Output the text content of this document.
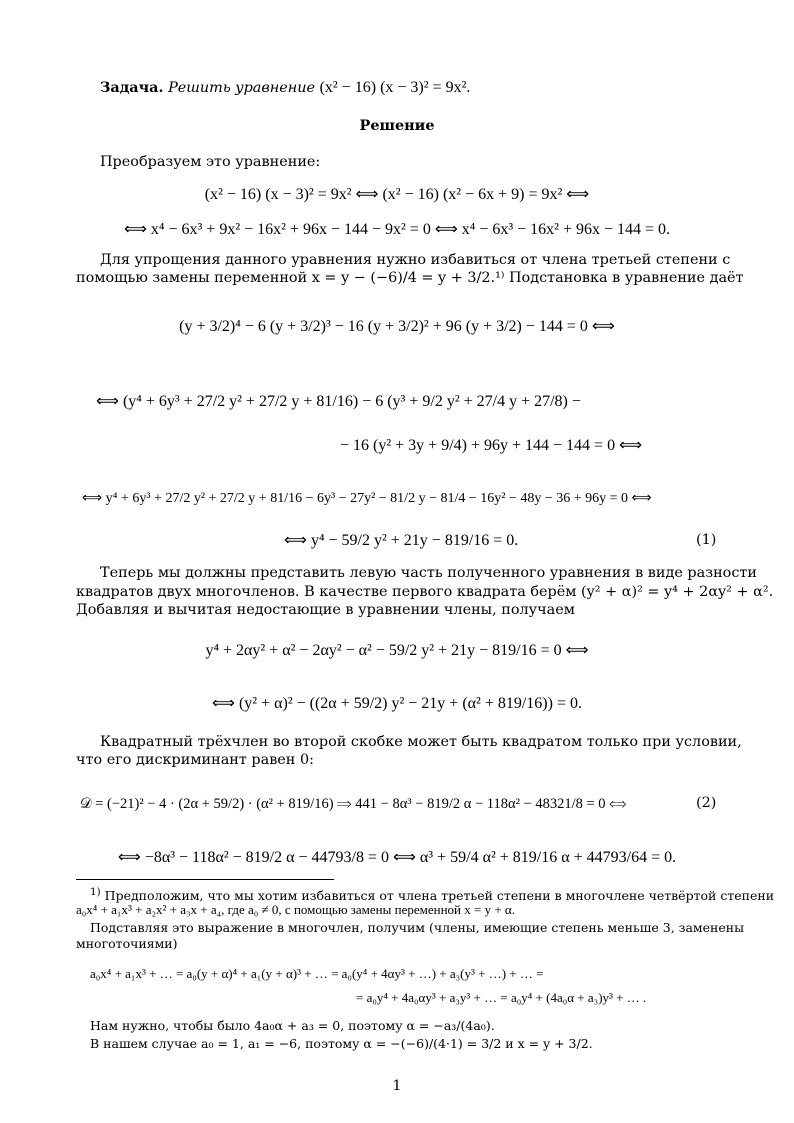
Задача. Решить уравнение (x² − 16) (x − 3)² = 9x².
Решение
Преобразуем это уравнение:
(x² − 16) (x − 3)² = 9x² ⟺ (x² − 16) (x² − 6x + 9) = 9x² ⟺
⟺ x⁴ − 6x³ + 9x² − 16x² + 96x − 144 − 9x² = 0 ⟺ x⁴ − 6x³ − 16x² + 96x − 144 = 0.
Для упрощения данного уравнения нужно избавиться от члена третьей степени с
помощью замены переменной x = y − (−6)/4 = y + 3/2.¹⁾ Подстановка в уравнение даёт
(y + 3/2)⁴ − 6 (y + 3/2)³ − 16 (y + 3/2)² + 96 (y + 3/2) − 144 = 0 ⟺
⟺ (y⁴ + 6y³ + 27/2 y² + 27/2 y + 81/16) − 6 (y³ + 9/2 y² + 27/4 y + 27/8) −
− 16 (y² + 3y + 9/4) + 96y + 144 − 144 = 0 ⟺
⟺ y⁴ + 6y³ + 27/2 y² + 27/2 y + 81/16 − 6y³ − 27y² − 81/2 y − 81/4 − 16y² − 48y − 36 + 96y = 0 ⟺
⟺ y⁴ − 59/2 y² + 21y − 819/16 = 0.	(1)
Теперь мы должны представить левую часть полученного уравнения в виде разности
квадратов двух многочленов. В качестве первого квадрата берём (y² + α)² = y⁴ + 2αy² + α².
Добавляя и вычитая недостающие в уравнении члены, получаем
y⁴ + 2αy² + α² − 2αy² − α² − 59/2 y² + 21y − 819/16 = 0 ⟺
⟺ (y² + α)² − ((2α + 59/2) y² − 21y + (α² + 819/16)) = 0.
Квадратный трёхчлен во второй скобке может быть квадратом только при условии,
что его дискриминант равен 0:
𝒟 = (−21)² − 4 · (2α + 59/2) · (α² + 819/16) ⟹ 441 − 8α³ − 819/2 α − 118α² − 48321/8 = 0 ⟺	(2)
⟺ −8α³ − 118α² − 819/2 α − 44793/8 = 0 ⟺ α³ + 59/4 α² + 819/16 α + 44793/64 = 0.
$^{1)}$ Предположим, что мы хотим избавиться от члена третьей степени в многочлене четвёртой степени
a₀x⁴ + a₁x³ + a₂x² + a₃x + a₄, где a₀ ≠ 0, с помощью замены переменной x = y + α.
Подставляя это выражение в многочлен, получим (члены, имеющие степень меньше 3, заменены
многоточиями)
a₀x⁴ + a₁x³ + … = a₀(y + α)⁴ + a₁(y + α)³ + … = a₀(y⁴ + 4αy³ + …) + a₃(y³ + …) + … =
= a₀y⁴ + 4a₀αy³ + a₃y³ + … = a₀y⁴ + (4a₀α + a₃)y³ + … .
Нам нужно, чтобы было 4a₀α + a₃ = 0, поэтому α = −a₃/(4a₀).
В нашем случае a₀ = 1, a₁ = −6, поэтому α = −(−6)/(4·1) = 3/2 и x = y + 3/2.
1
